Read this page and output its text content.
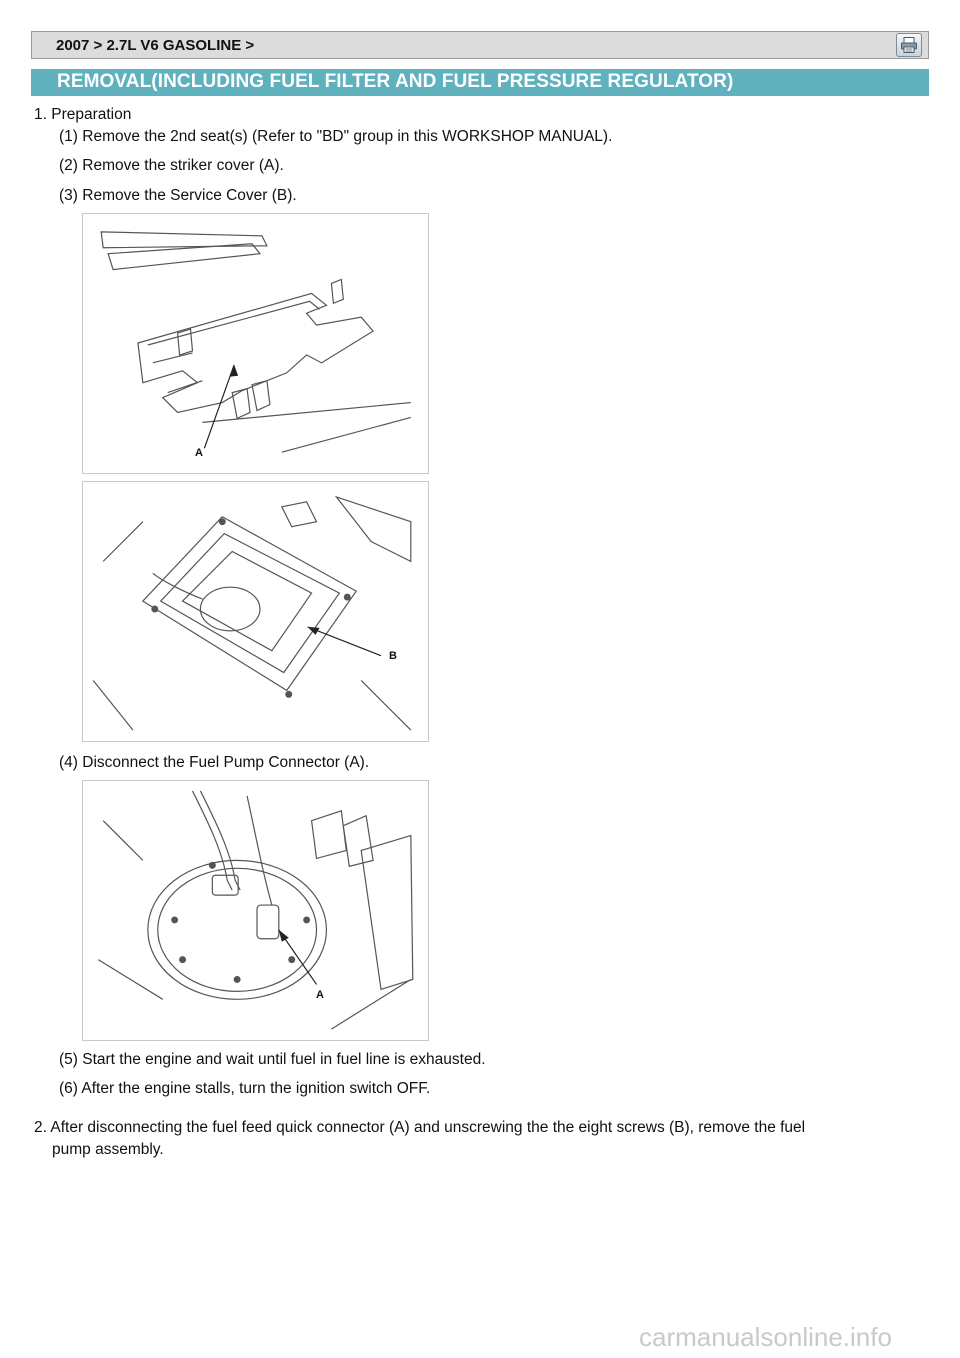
2007 > 2.7L V6 GASOLINE >
REMOVAL(INCLUDING FUEL FILTER AND FUEL PRESSURE REGULATOR)
1. Preparation
(1) Remove the 2nd seat(s) (Refer to "BD" group in this WORKSHOP MANUAL).
(2) Remove the striker cover (A).
(3) Remove the Service Cover (B).
A
B
(4) Disconnect the Fuel Pump Connector (A).
A
(5) Start the engine and wait until fuel in fuel line is exhausted.
(6) After the engine stalls, turn the ignition switch OFF.
2. After disconnecting the fuel feed quick connector (A) and unscrewing the the eight screws (B), remove the fuel
pump assembly.
carmanualsonline.info
